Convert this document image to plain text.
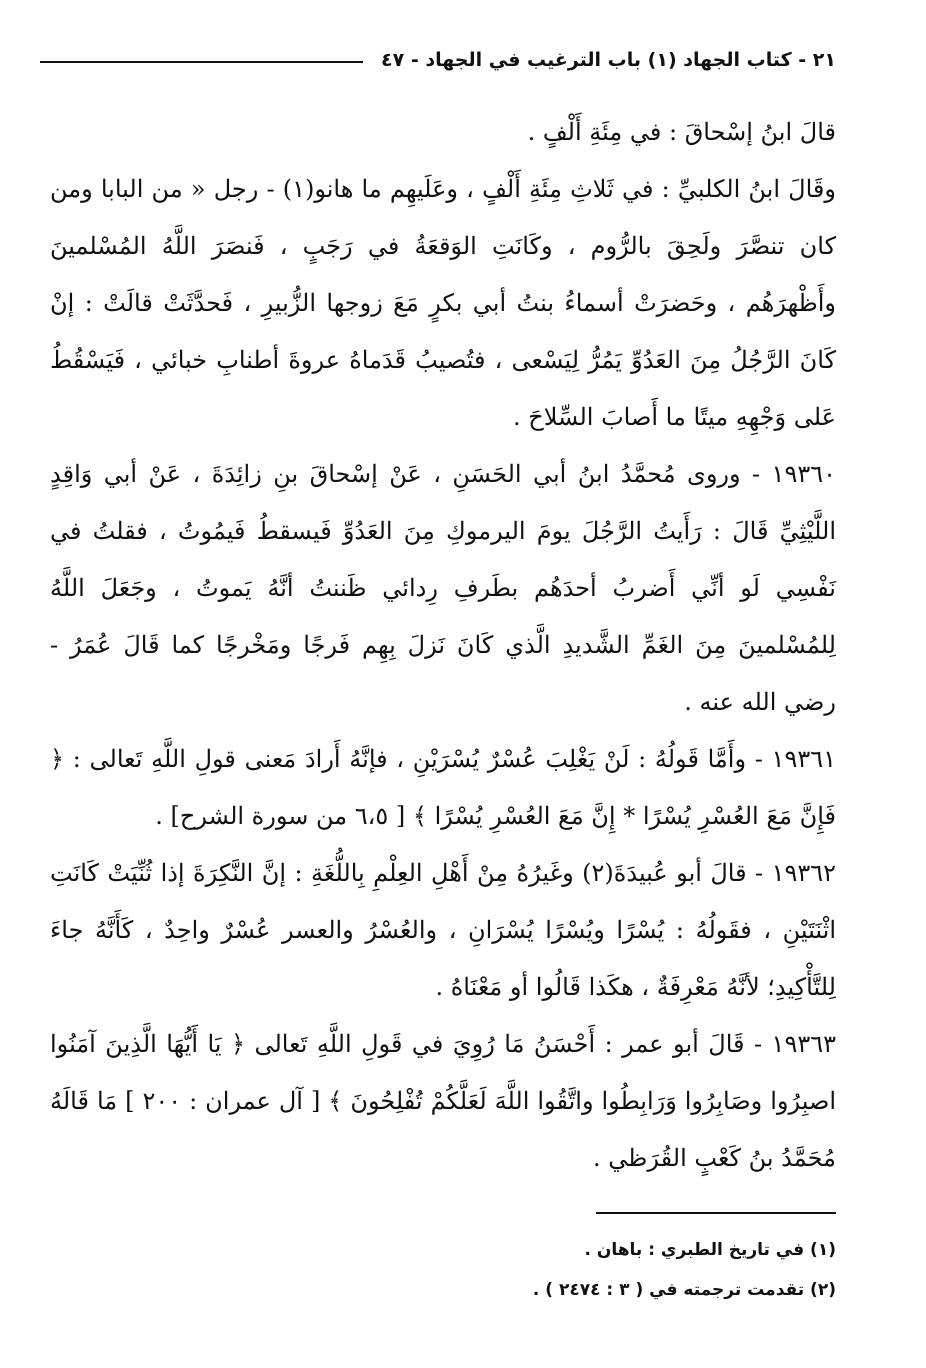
٢١ - كتاب الجهاد (١) باب الترغيب في الجهاد - ٤٧

قالَ ابنُ إسْحاقَ : في مِئَةِ أَلْفٍ .

وقَالَ ابنُ الكلبيِّ : في ثَلاثِ مِئَةِ أَلْفٍ ، وعَلَيهِم ما هانو(١) - رجل « من البابا ومن كان تنصَّرَ ولَحِقَ بالرُّوم ، وكَانَتِ الوَقعَةُ في رَجَبٍ ، فَنصَرَ اللَّهُ المُسْلمينَ وأَظْهرَهُم ، وحَضرَتْ أسماءُ بنتُ أبي بكرٍ مَعَ زوجها الزُّبيرِ ، فَحدَّثَتْ قالَتْ : إنْ كَانَ الرَّجُلُ مِنَ العَدُوِّ يَمُرُّ لِيَسْعى ، فتُصيبُ قَدَماهُ عروةَ أطنابِ خبائي ، فَيَسْقُطُ عَلى وَجْهِهِ ميتًا ما أَصابَ السِّلاحَ .

١٩٣٦٠ - وروى مُحمَّدُ ابنُ أبي الحَسَنِ ، عَنْ إسْحاقَ بنِ زائِدَةَ ، عَنْ أبي وَاقِدٍ اللَّيْثِيِّ قَالَ : رَأَيتُ الرَّجُلَ يومَ اليرموكِ مِنَ العَدُوِّ فَيسقطُ فَيمُوتُ ، فقلتُ في نَفْسِي لَو أنِّي أَضربُ أحدَهُم بطَرفِ رِدائي ظَننتُ أنَّهُ يَموتُ ، وجَعَلَ اللَّهُ لِلمُسْلمينَ مِنَ الغَمِّ الشَّديدِ الَّذي كَانَ نَزلَ بِهِم فَرجًا ومَخْرجًا كما قَالَ عُمَرُ - رضي الله عنه .

١٩٣٦١ - وأَمَّا قَولُهُ : لَنْ يَغْلِبَ عُسْرٌ يُسْرَيْنِ ، فإنَّهُ أَرادَ مَعنى قولِ اللَّهِ تَعالى : ﴿ فَإِنَّ مَعَ العُسْرِ يُسْرًا * إِنَّ مَعَ العُسْرِ يُسْرًا ﴾ [ ٦،٥ من سورة الشرح] .

١٩٣٦٢ - قالَ أبو عُبيدَةَ(٢) وغَيرُهُ مِنْ أَهْلِ العِلْمِ بِاللُّغَةِ : إنَّ النَّكِرَةَ إذا ثُنِّيَتْ كَانَتِ اثْنَتَيْنِ ، فقَولُهُ : يُسْرًا ويُسْرًا يُسْرَانِ ، والعُسْرُ والعسر عُسْرٌ واحِدٌ ، كَأَنَّهُ جاءَ لِلتَّأْكِيدِ؛ لأنَّهُ مَعْرِفَةٌ ، هكَذا قَالُوا أو مَعْنَاهُ .

١٩٣٦٣ - قَالَ أبو عمر : أَحْسَنُ مَا رُوِيَ في قَولِ اللَّهِ تَعالى ﴿ يَا أَيُّهَا الَّذِينَ آمَنُوا اصبِرُوا وصَابِرُوا وَرَابِطُوا واتَّقُوا اللَّهَ لَعَلَّكُمْ تُفْلِحُونَ ﴾ [ آل عمران : ٢٠٠ ] مَا قَالَهُ مُحَمَّدُ بنُ كَعْبٍ القُرَظي .

(١) في تاريخ الطبري : باهان .

(٢) تقدمت ترجمته في ( ٣ : ٢٤٧٤ ) .
